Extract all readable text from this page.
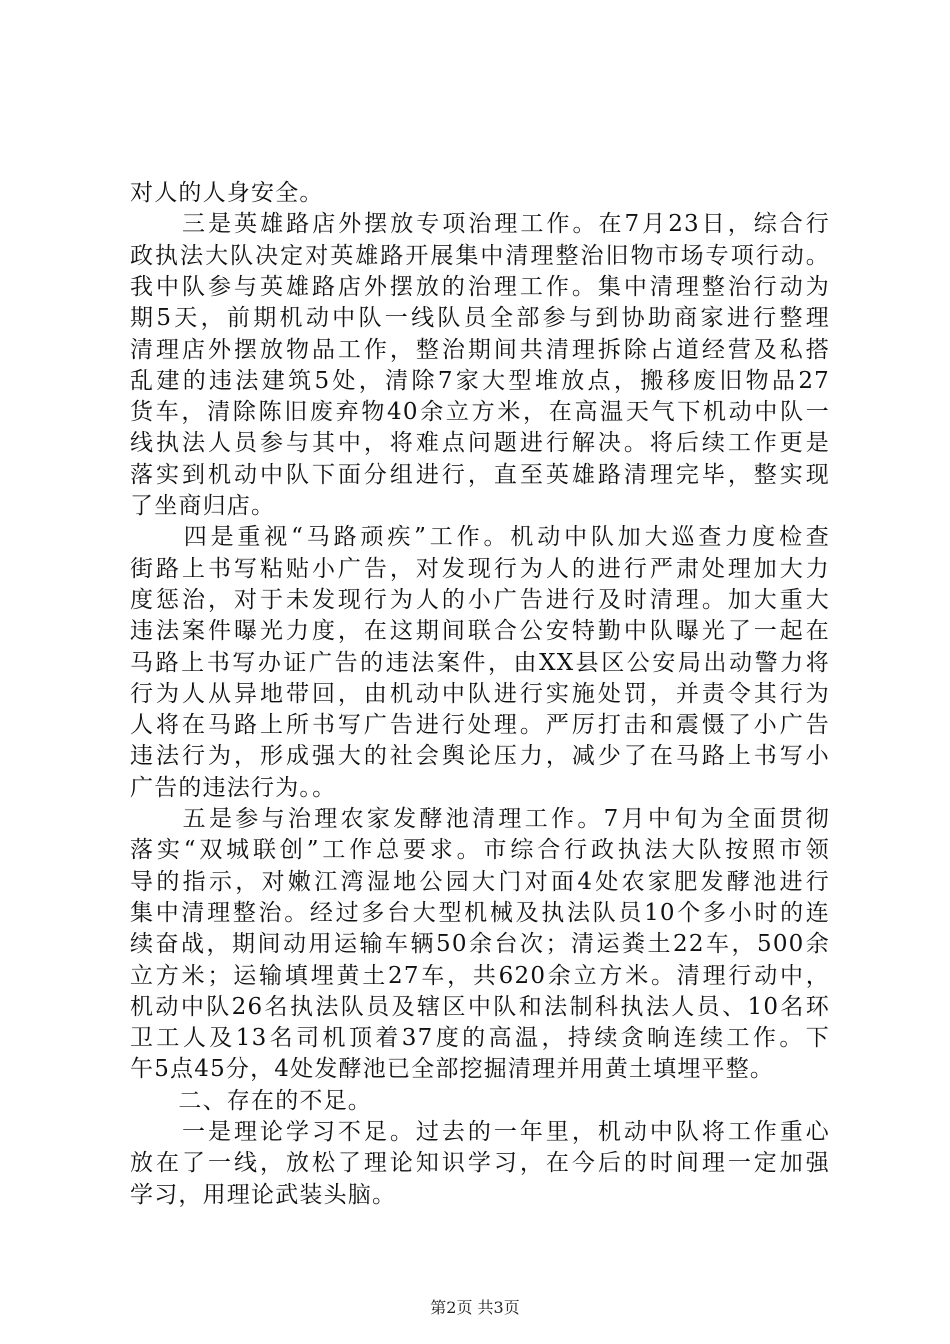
对人的人身安全。
　　三是英雄路店外摆放专项治理工作。在7月23日，综合行
政执法大队决定对英雄路开展集中清理整治旧物市场专项行动。
我中队参与英雄路店外摆放的治理工作。集中清理整治行动为
期5天，前期机动中队一线队员全部参与到协助商家进行整理
清理店外摆放物品工作，整治期间共清理拆除占道经营及私搭
乱建的违法建筑5处，清除7家大型堆放点，搬移废旧物品27
货车，清除陈旧废弃物40余立方米，在高温天气下机动中队一
线执法人员参与其中，将难点问题进行解决。将后续工作更是
落实到机动中队下面分组进行，直至英雄路清理完毕，整实现
了坐商归店。
　　四是重视“马路顽疾”工作。机动中队加大巡查力度检查
街路上书写粘贴小广告，对发现行为人的进行严肃处理加大力
度惩治，对于未发现行为人的小广告进行及时清理。加大重大
违法案件曝光力度，在这期间联合公安特勤中队曝光了一起在
马路上书写办证广告的违法案件，由XX县区公安局出动警力将
行为人从异地带回，由机动中队进行实施处罚，并责令其行为
人将在马路上所书写广告进行处理。严厉打击和震慑了小广告
违法行为，形成强大的社会舆论压力，减少了在马路上书写小
广告的违法行为。。
　　五是参与治理农家发酵池清理工作。7月中旬为全面贯彻
落实“双城联创”工作总要求。市综合行政执法大队按照市领
导的指示，对嫩江湾湿地公园大门对面4处农家肥发酵池进行
集中清理整治。经过多台大型机械及执法队员10个多小时的连
续奋战，期间动用运输车辆50余台次；清运粪土22车，500余
立方米；运输填埋黄土27车，共620余立方米。清理行动中，
机动中队26名执法队员及辖区中队和法制科执法人员、10名环
卫工人及13名司机顶着37度的高温，持续贪晌连续工作。下
午5点45分，4处发酵池已全部挖掘清理并用黄土填埋平整。
　　二、存在的不足。
　　一是理论学习不足。过去的一年里，机动中队将工作重心
放在了一线，放松了理论知识学习，在今后的时间理一定加强
学习，用理论武装头脑。
第2页 共3页
